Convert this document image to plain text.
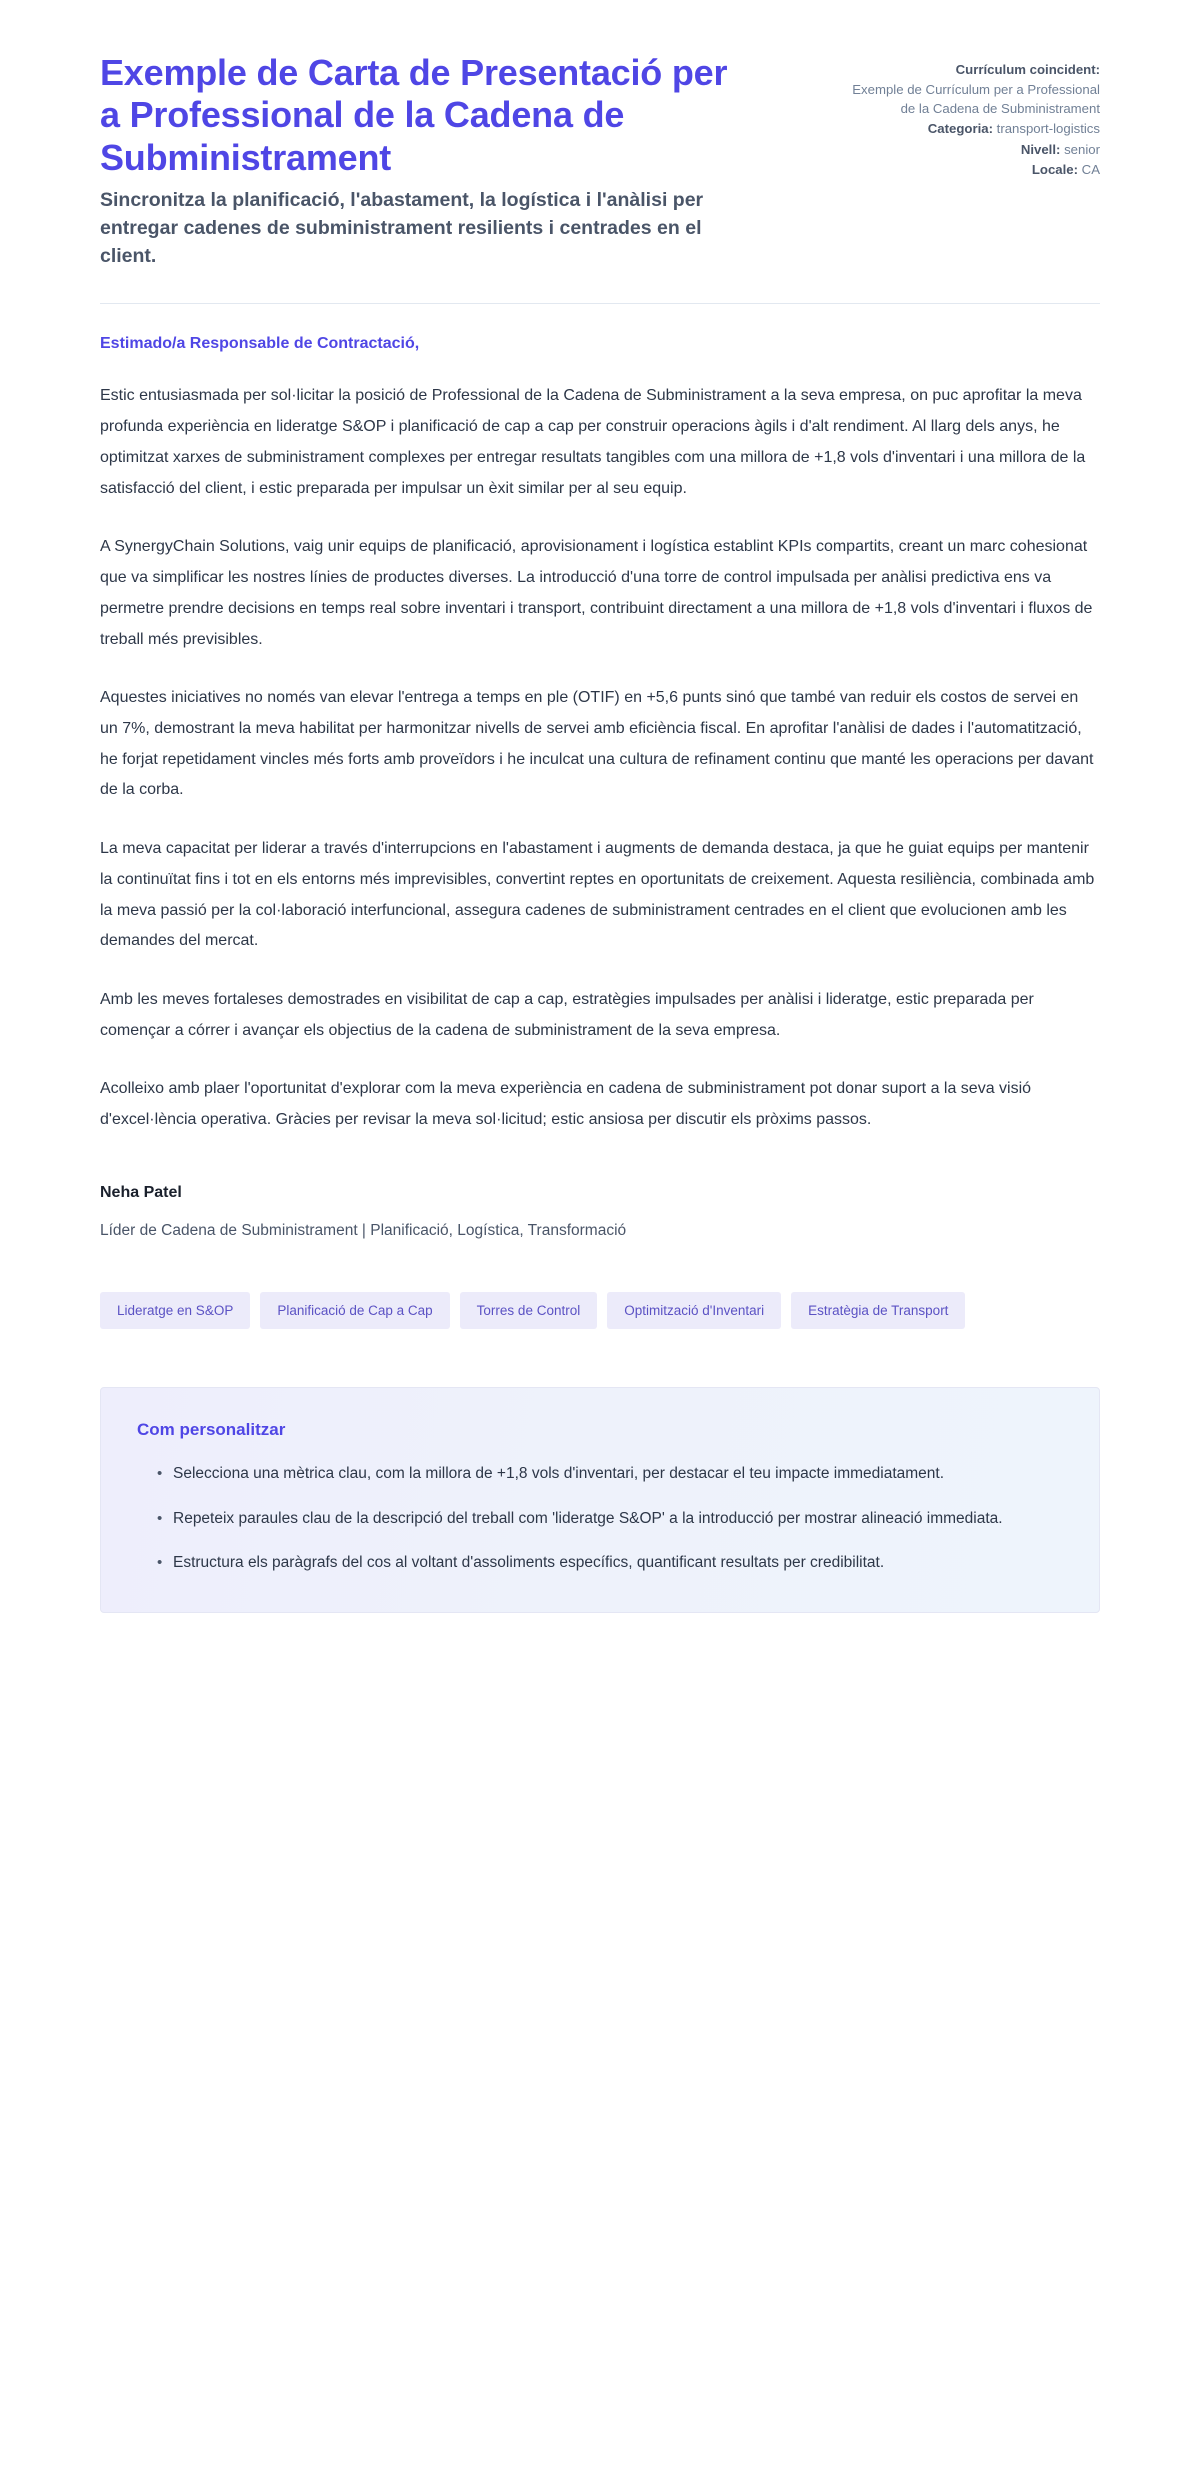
Exemple de Carta de Presentació per a Professional de la Cadena de Subministrament

Sincronitza la planificació, l'abastament, la logística i l'anàlisi per entregar cadenes de subministrament resilients i centrades en el client.

Currículum coincident:
Exemple de Currículum per a Professional de la Cadena de Subministrament
Categoria: transport-logistics
Nivell: senior
Locale: CA

Estimado/a Responsable de Contractació,

Estic entusiasmada per sol·licitar la posició de Professional de la Cadena de Subministrament a la seva empresa, on puc aprofitar la meva profunda experiència en lideratge S&OP i planificació de cap a cap per construir operacions àgils i d'alt rendiment. Al llarg dels anys, he optimitzat xarxes de subministrament complexes per entregar resultats tangibles com una millora de +1,8 vols d'inventari i una millora de la satisfacció del client, i estic preparada per impulsar un èxit similar per al seu equip.

A SynergyChain Solutions, vaig unir equips de planificació, aprovisionament i logística establint KPIs compartits, creant un marc cohesionat que va simplificar les nostres línies de productes diverses. La introducció d'una torre de control impulsada per anàlisi predictiva ens va permetre prendre decisions en temps real sobre inventari i transport, contribuint directament a una millora de +1,8 vols d'inventari i fluxos de treball més previsibles.

Aquestes iniciatives no només van elevar l'entrega a temps en ple (OTIF) en +5,6 punts sinó que també van reduir els costos de servei en un 7%, demostrant la meva habilitat per harmonitzar nivells de servei amb eficiència fiscal. En aprofitar l'anàlisi de dades i l'automatització, he forjat repetidament vincles més forts amb proveïdors i he inculcat una cultura de refinament continu que manté les operacions per davant de la corba.

La meva capacitat per liderar a través d'interrupcions en l'abastament i augments de demanda destaca, ja que he guiat equips per mantenir la continuïtat fins i tot en els entorns més imprevisibles, convertint reptes en oportunitats de creixement. Aquesta resiliència, combinada amb la meva passió per la col·laboració interfuncional, assegura cadenes de subministrament centrades en el client que evolucionen amb les demandes del mercat.

Amb les meves fortaleses demostrades en visibilitat de cap a cap, estratègies impulsades per anàlisi i lideratge, estic preparada per començar a córrer i avançar els objectius de la cadena de subministrament de la seva empresa.

Acolleixo amb plaer l'oportunitat d'explorar com la meva experiència en cadena de subministrament pot donar suport a la seva visió d'excel·lència operativa. Gràcies per revisar la meva sol·licitud; estic ansiosa per discutir els pròxims passos.

Neha Patel

Líder de Cadena de Subministrament | Planificació, Logística, Transformació

Lideratge en S&OP	Planificació de Cap a Cap	Torres de Control	Optimització d'Inventari	Estratègia de Transport
Com personalitzar
• Selecciona una mètrica clau, com la millora de +1,8 vols d'inventari, per destacar el teu impacte immediatament.
• Repeteix paraules clau de la descripció del treball com 'lideratge S&OP' a la introducció per mostrar alineació immediata.
• Estructura els paràgrafs del cos al voltant d'assoliments específics, quantificant resultats per credibilitat.
